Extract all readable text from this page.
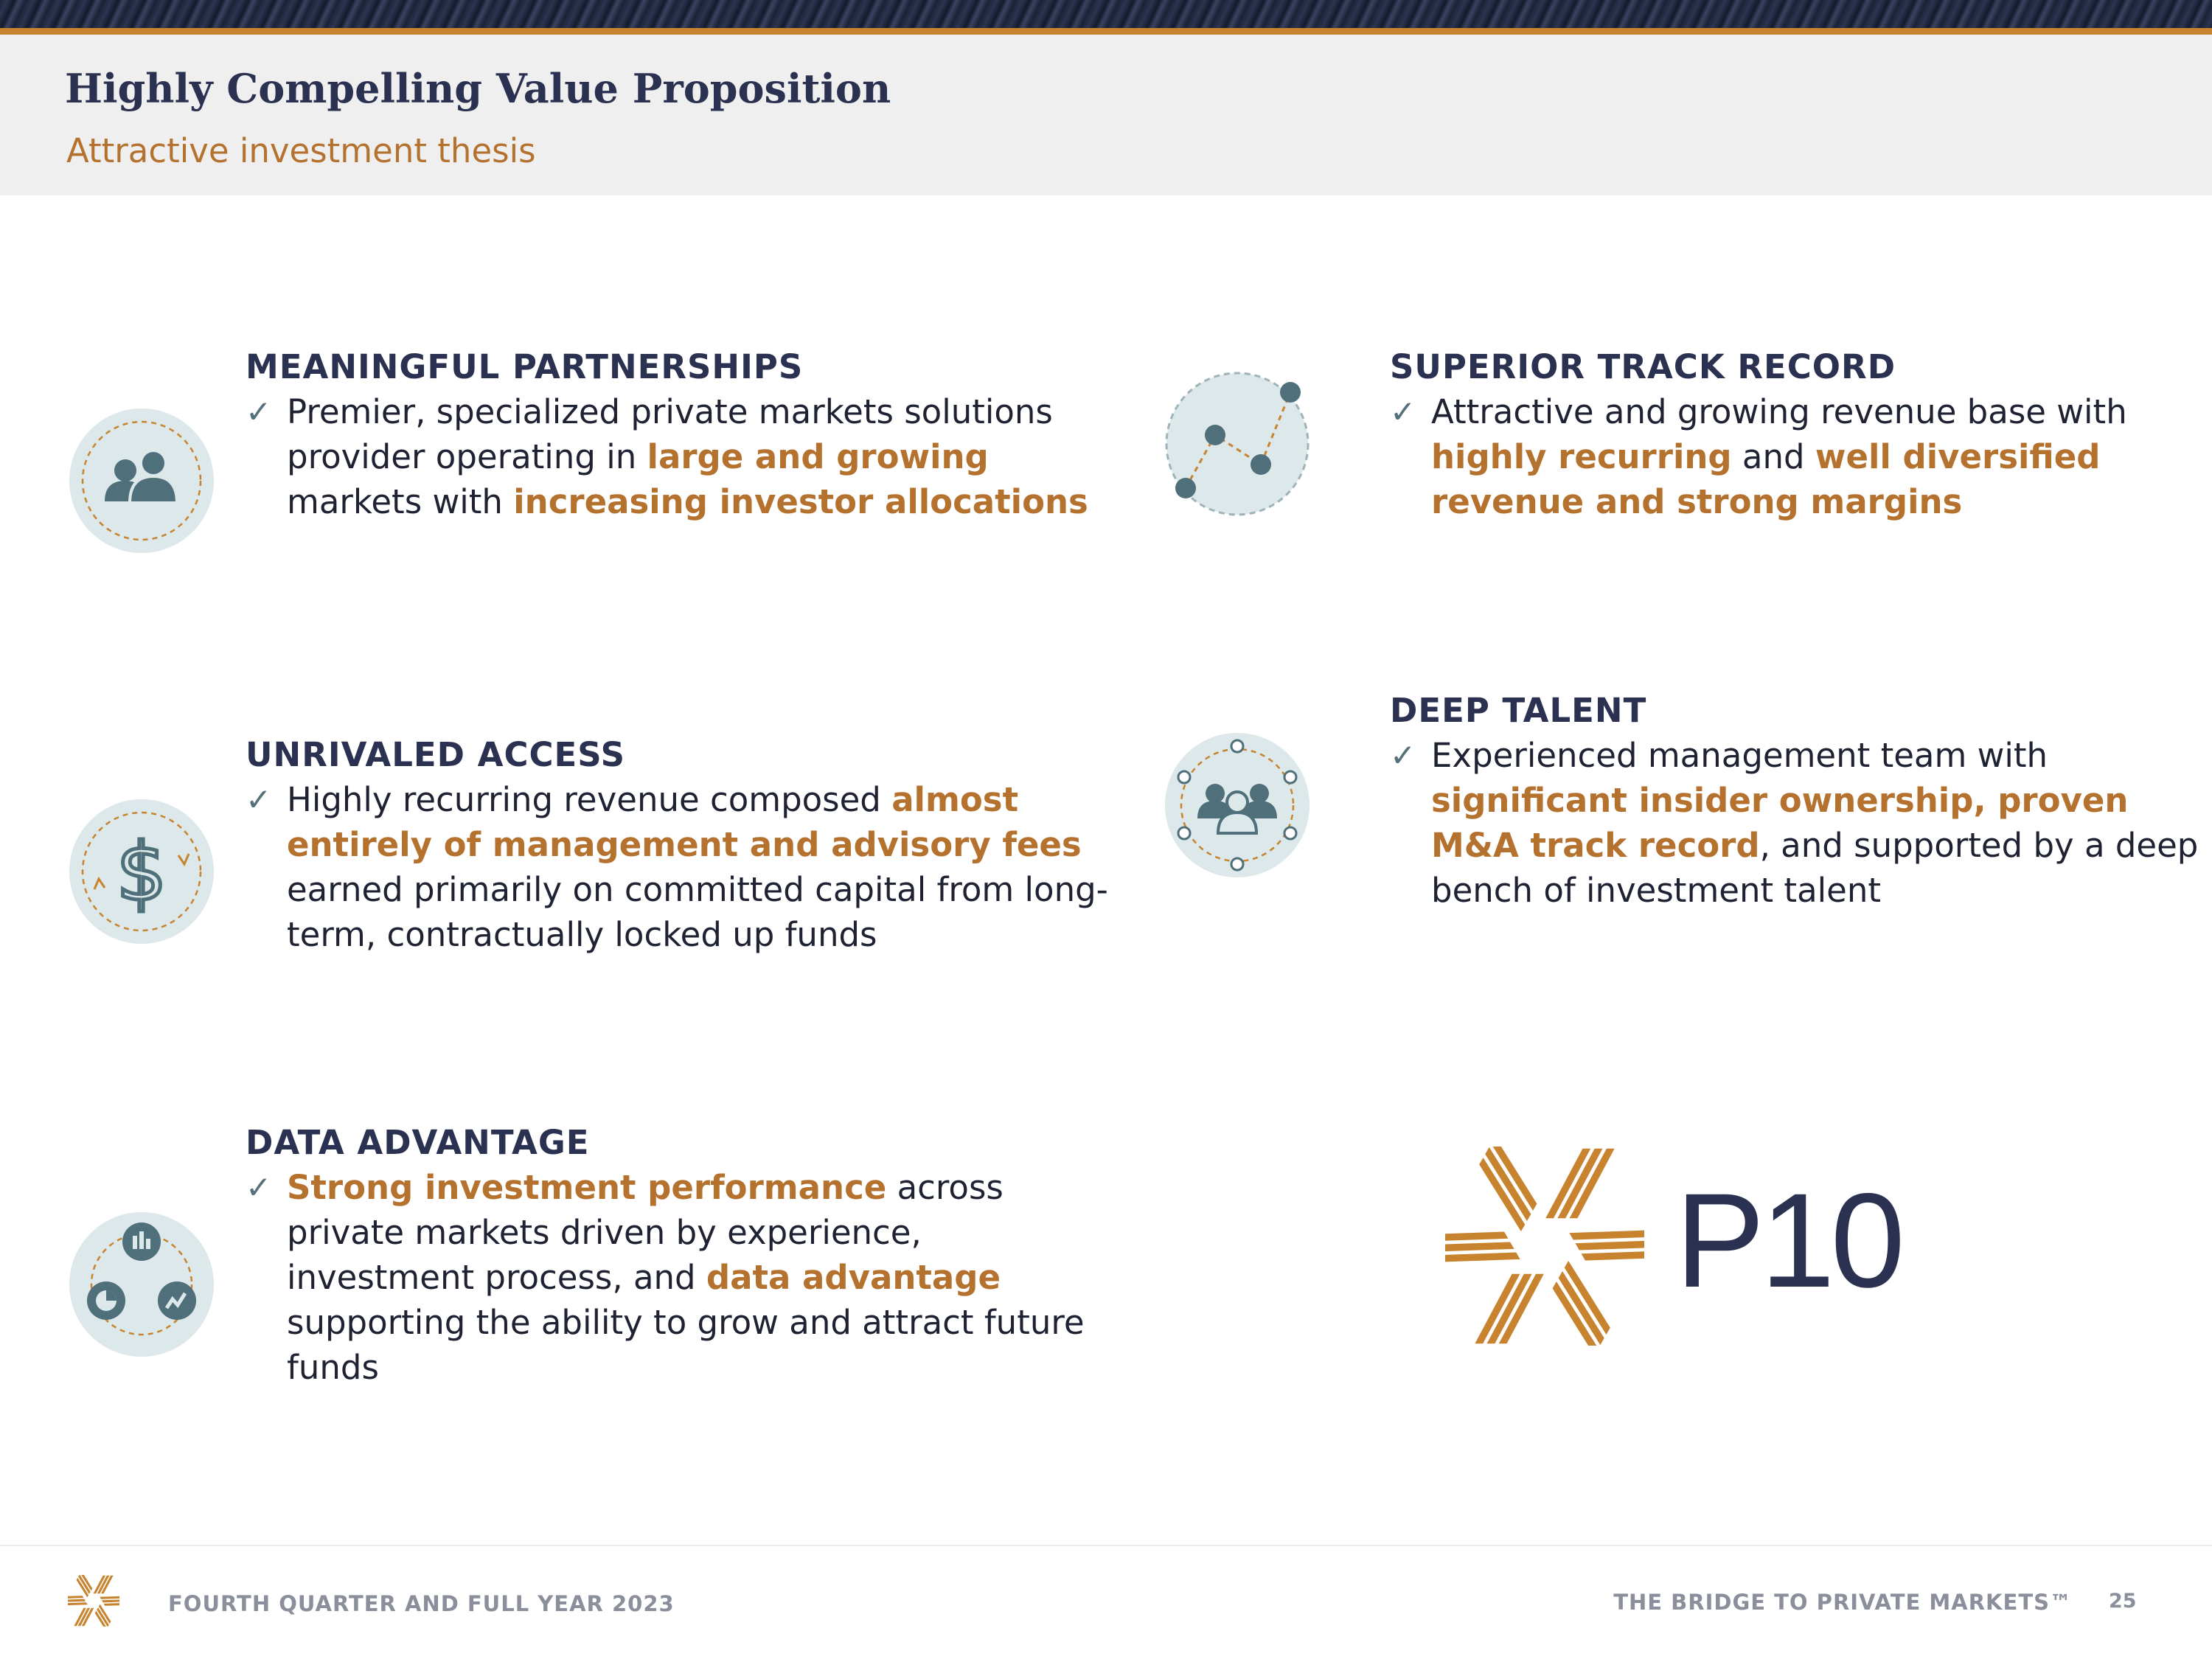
Highly Compelling Value Proposition
Attractive investment thesis
MEANINGFUL PARTNERSHIPS
✓ Premier, specialized private markets solutions provider operating in large and growing markets with increasing investor allocations
$
UNRIVALED ACCESS
✓ Highly recurring revenue composed almost entirely of management and advisory fees earned primarily on committed capital from long-term, contractually locked up funds
DATA ADVANTAGE
✓ Strong investment performance across private markets driven by experience, investment process, and data advantage supporting the ability to grow and attract future funds
SUPERIOR TRACK RECORD
✓ Attractive and growing revenue base with highly recurring and well diversified revenue and strong margins
DEEP TALENT
✓ Experienced management team with significant insider ownership, proven M&A track record, and supported by a deep bench of investment talent
P10
FOURTH QUARTER AND FULL YEAR 2023	THE BRIDGE TO PRIVATE MARKETS™ 25
